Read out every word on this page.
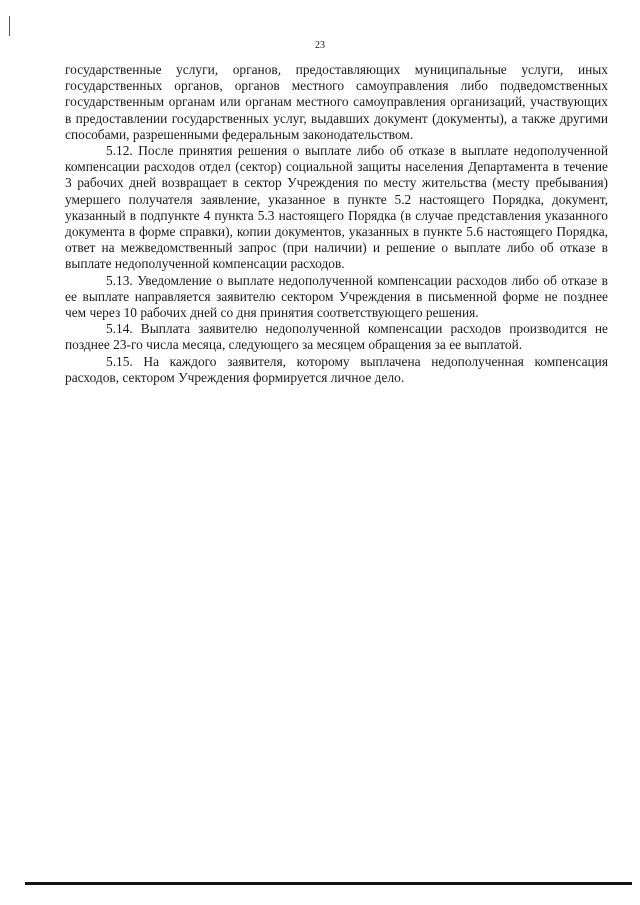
23

государственные услуги, органов, предоставляющих муниципальные услуги, иных государственных органов, органов местного самоуправления либо подведомственных государственным органам или органам местного самоуправления организаций, участвующих в предоставлении государственных услуг, выдавших документ (документы), а также другими способами, разрешенными федеральным законодательством.

5.12. После принятия решения о выплате либо об отказе в выплате недополученной компенсации расходов отдел (сектор) социальной защиты населения Департамента в течение 3 рабочих дней возвращает в сектор Учреждения по месту жительства (месту пребывания) умершего получателя заявление, указанное в пункте 5.2 настоящего Порядка, документ, указанный в подпункте 4 пункта 5.3 настоящего Порядка (в случае представления указанного документа в форме справки), копии документов, указанных в пункте 5.6 настоящего Порядка, ответ на межведомственный запрос (при наличии) и решение о выплате либо об отказе в выплате недополученной компенсации расходов.

5.13. Уведомление о выплате недополученной компенсации расходов либо об отказе в ее выплате направляется заявителю сектором Учреждения в письменной форме не позднее чем через 10 рабочих дней со дня принятия соответствующего решения.

5.14. Выплата заявителю недополученной компенсации расходов производится не позднее 23-го числа месяца, следующего за месяцем обращения за ее выплатой.

5.15. На каждого заявителя, которому выплачена недополученная компенсация расходов, сектором Учреждения формируется личное дело.
